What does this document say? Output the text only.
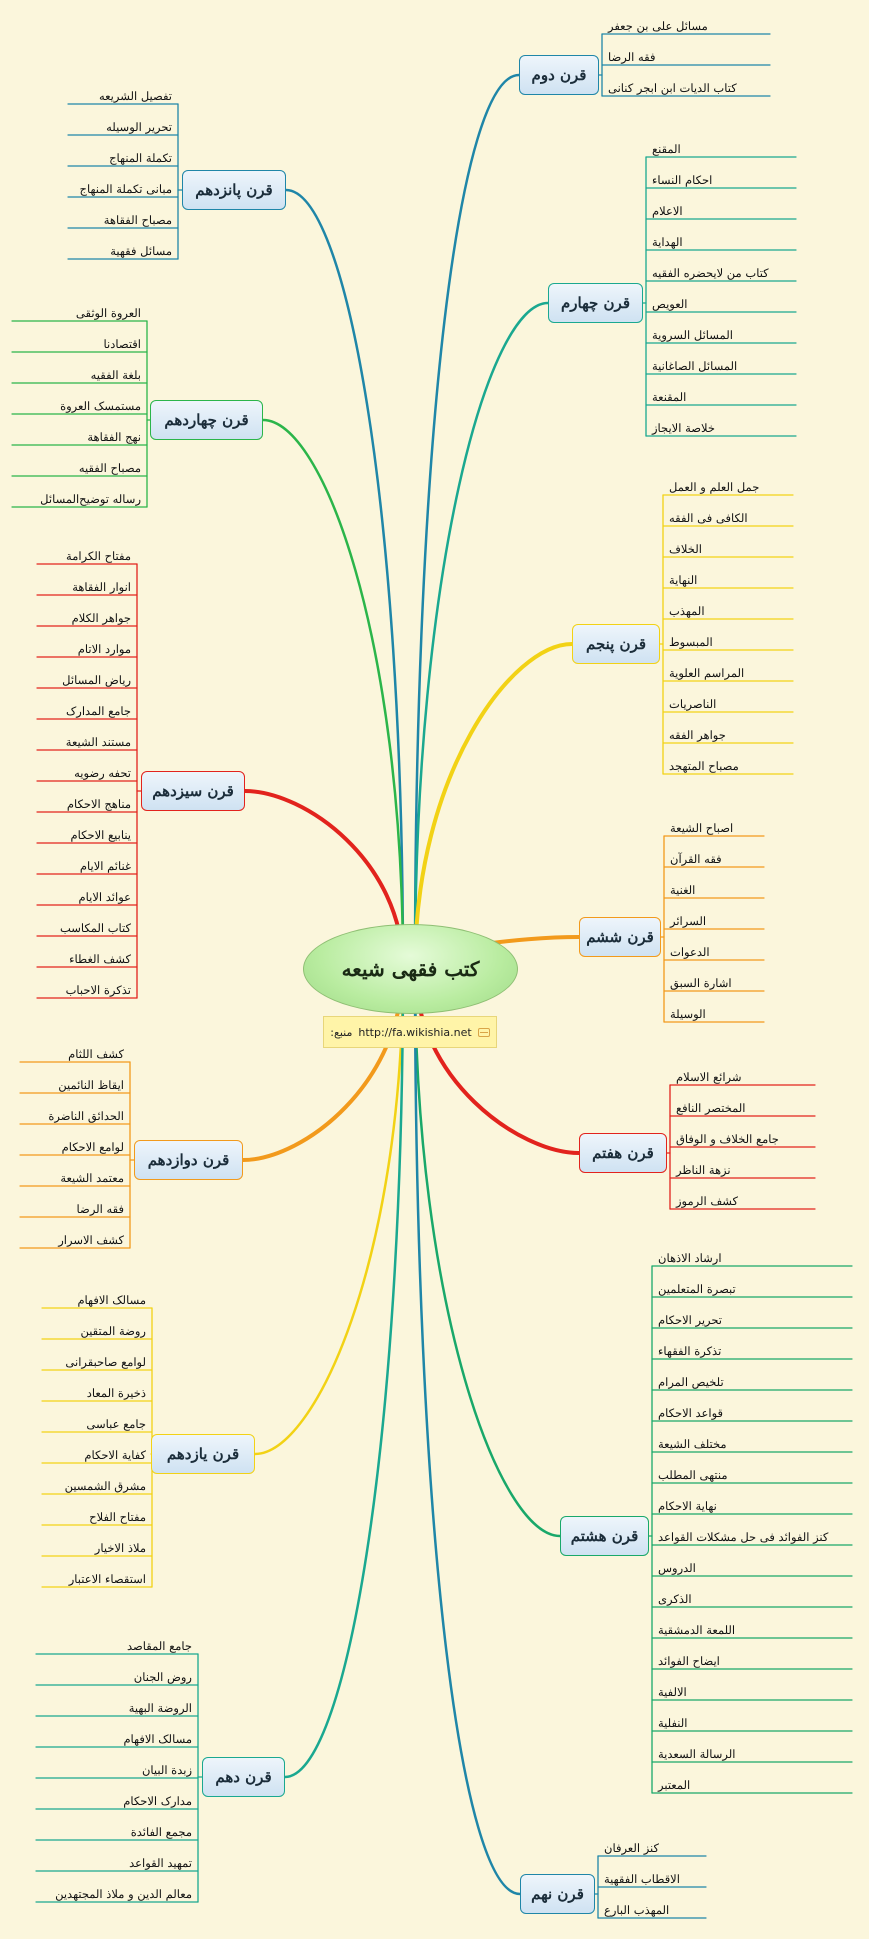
کتب فقهی شیعه
منبع: http://fa.wikishia.net
قرن دوم
مسائل علی بن جعفر
فقه الرضا
کتاب الدیات ابن ابجر کنانی
قرن چهارم
المقنع
احکام النساء
الاعلام
الهدایة
کتاب من لایحضره الفقیه
العویص
المسائل السرویة
المسائل الصاغانیة
المقنعة
خلاصة الایجاز
قرن پنجم
جمل العلم و العمل
الکافی فی الفقه
الخلاف
النهایة
المهذب
المبسوط
المراسم العلویة
الناصریات
جواهر الفقه
مصباح المتهجد
قرن ششم
اصباح الشیعة
فقه القرآن
الغنیة
السرائر
الدعوات
اشارة السبق
الوسیلة
قرن هفتم
شرائع الاسلام
المختصر النافع
جامع الخلاف و الوفاق
نزهة الناظر
کشف الرموز
قرن هشتم
ارشاد الاذهان
تبصرة المتعلمین
تحریر الاحکام
تذکرة الفقهاء
تلخیص المرام
قواعد الاحکام
مختلف الشیعة
منتهی المطلب
نهایة الاحکام
کنز الفوائد فی حل مشکلات القواعد
الدروس
الذکری
اللمعة الدمشقیة
ایضاح الفوائد
الالفیة
النفلیة
الرسالة السعدیة
المعتبر
قرن نهم
کنز العرفان
الاقطاب الفقهیة
المهذب البارع
قرن پانزدهم
تفصیل الشریعه
تحریر الوسیله
تکملة المنهاج
مبانی تکملة المنهاج
مصباح الفقاهة
مسائل فقهیة
قرن چهاردهم
العروة الوثقی
اقتصادنا
بلغة الفقیه
مستمسک العروة
نهج الفقاهة
مصباح الفقیه
رساله توضیح‌المسائل
قرن سیزدهم
مفتاح الکرامة
انوار الفقاهة
جواهر الکلام
موارد الاتام
ریاض المسائل
جامع المدارک
مستند الشیعة
تحفه رضویه
مناهج الاحکام
ینابیع الاحکام
غنائم الایام
عوائد الایام
کتاب المکاسب
کشف الغطاء
تذکرة الاحباب
قرن دوازدهم
کشف اللثام
ایقاظ النائمین
الحدائق الناضرة
لوامع الاحکام
معتمد الشیعة
فقه الرضا
کشف الاسرار
قرن یازدهم
مسالک الافهام
روضة المتقین
لوامع صاحبقرانی
ذخیرة المعاد
جامع عباسی
کفایة الاحکام
مشرق الشمسین
مفتاح الفلاح
ملاذ الاخیار
استقصاء الاعتبار
قرن دهم
جامع المقاصد
روض الجنان
الروضة البهیة
مسالک الافهام
زبدة البیان
مدارک الاحکام
مجمع الفائدة
تمهید القواعد
معالم الدین و ملاذ المجتهدین
